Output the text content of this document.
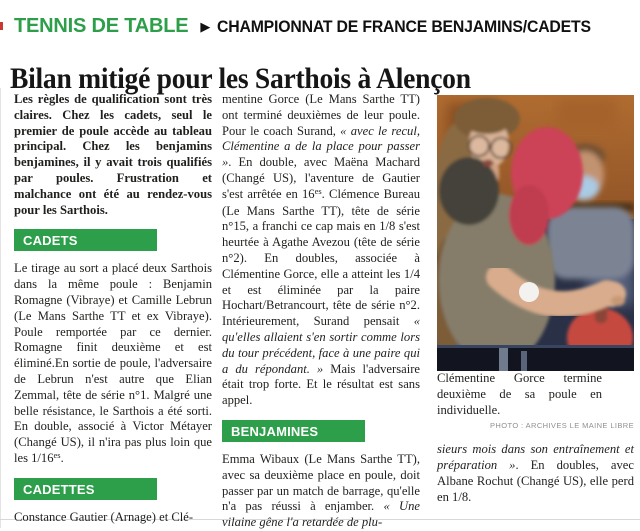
TENNIS DE TABLE ▶ CHAMPIONNAT DE FRANCE BENJAMINS/CADETS
Bilan mitigé pour les Sarthois à Alençon

Les règles de qualification sont très claires. Chez les cadets, seul le premier de poule accède au tableau principal. Chez les benjamins benjamines, il y avait trois qualifiés par poules. Frustration et malchance ont été au rendez-vous pour les Sarthois.

CADETS

Le tirage au sort a placé deux Sarthois dans la même poule : Benjamin Romagne (Vibraye) et Camille Lebrun (Le Mans Sarthe TT et ex Vibraye). Poule remportée par ce dernier. Romagne finit deuxième et est éliminé.En sortie de poule, l'adversaire de Lebrun n'est autre que Elian Zemmal, tête de série n°1. Malgré une belle résistance, le Sarthois a été sorti. En double, associé à Victor Métayer (Changé US), il n'ira pas plus loin que les $1/16^{es}$.

CADETTES

Constance Gautier (Arnage) et Clé-

mentine Gorce (Le Mans Sarthe TT) ont terminé deuxièmes de leur poule. Pour le coach Surand, « avec le recul, Clémentine a de la place pour passer ». En double, avec Maëna Machard (Changé US), l'aventure de Gautier s'est arrêtée en $16^{es}$. Clémence Bureau (Le Mans Sarthe TT), tête de série n°15, a franchi ce cap mais en 1/8 s'est heurtée à Agathe Avezou (tête de série n°2). En doubles, associée à Clémentine Gorce, elle a atteint les 1/4 et est éliminée par la paire Hochart/Betrancourt, tête de série n°2. Intérieurement, Surand pensait « qu'elles allaient s'en sortir comme lors du tour précédent, face à une paire qui a du répondant. » Mais l'adversaire était trop forte. Et le résultat est sans appel.

BENJAMINES

Emma Wibaux (Le Mans Sarthe TT), avec sa deuxième place en poule, doit passer par un match de barrage, qu'elle n'a pas réussi à enjamber. « Une vilaine gêne l'a retardée de plu-

Clémentine Gorce termine deuxième de sa poule en individuelle.

PHOTO : ARCHIVES LE MAINE LIBRE

sieurs mois dans son entraînement et préparation ». En doubles, avec Albane Rochut (Changé US), elle perd en 1/8.
